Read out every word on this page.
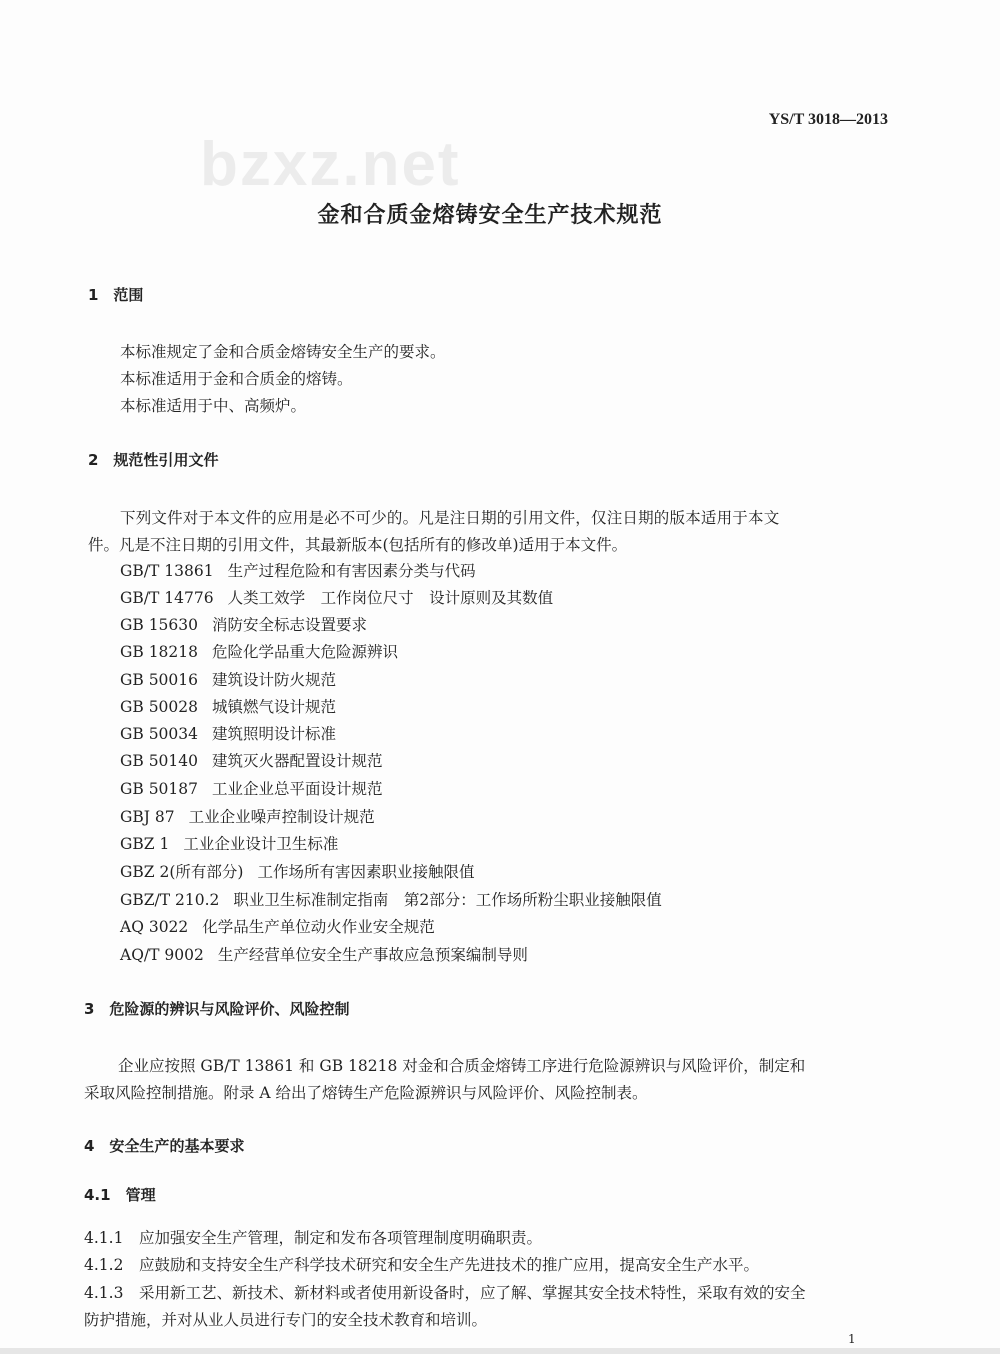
bzxz.net
YS/T 3018—2013
金和合质金熔铸安全生产技术规范
1　范围
本标准规定了金和合质金熔铸安全生产的要求。
本标准适用于金和合质金的熔铸。
本标准适用于中、高频炉。
2　规范性引用文件
下列文件对于本文件的应用是必不可少的。凡是注日期的引用文件，仅注日期的版本适用于本文
件。凡是不注日期的引用文件，其最新版本(包括所有的修改单)适用于本文件。
GB/T 13861 生产过程危险和有害因素分类与代码
GB/T 14776 人类工效学　工作岗位尺寸　设计原则及其数值
GB 15630 消防安全标志设置要求
GB 18218 危险化学品重大危险源辨识
GB 50016 建筑设计防火规范
GB 50028 城镇燃气设计规范
GB 50034 建筑照明设计标准
GB 50140 建筑灭火器配置设计规范
GB 50187 工业企业总平面设计规范
GBJ 87 工业企业噪声控制设计规范
GBZ 1 工业企业设计卫生标准
GBZ 2(所有部分) 工作场所有害因素职业接触限值
GBZ/T 210.2 职业卫生标准制定指南　第2部分：工作场所粉尘职业接触限值
AQ 3022 化学品生产单位动火作业安全规范
AQ/T 9002 生产经营单位安全生产事故应急预案编制导则
3　危险源的辨识与风险评价、风险控制
企业应按照 GB/T 13861 和 GB 18218 对金和合质金熔铸工序进行危险源辨识与风险评价，制定和
采取风险控制措施。附录 A 给出了熔铸生产危险源辨识与风险评价、风险控制表。
4　安全生产的基本要求
4.1　管理
4.1.1　应加强安全生产管理，制定和发布各项管理制度明确职责。
4.1.2　应鼓励和支持安全生产科学技术研究和安全生产先进技术的推广应用，提高安全生产水平。
4.1.3　采用新工艺、新技术、新材料或者使用新设备时，应了解、掌握其安全技术特性，采取有效的安全
防护措施，并对从业人员进行专门的安全技术教育和培训。
1
